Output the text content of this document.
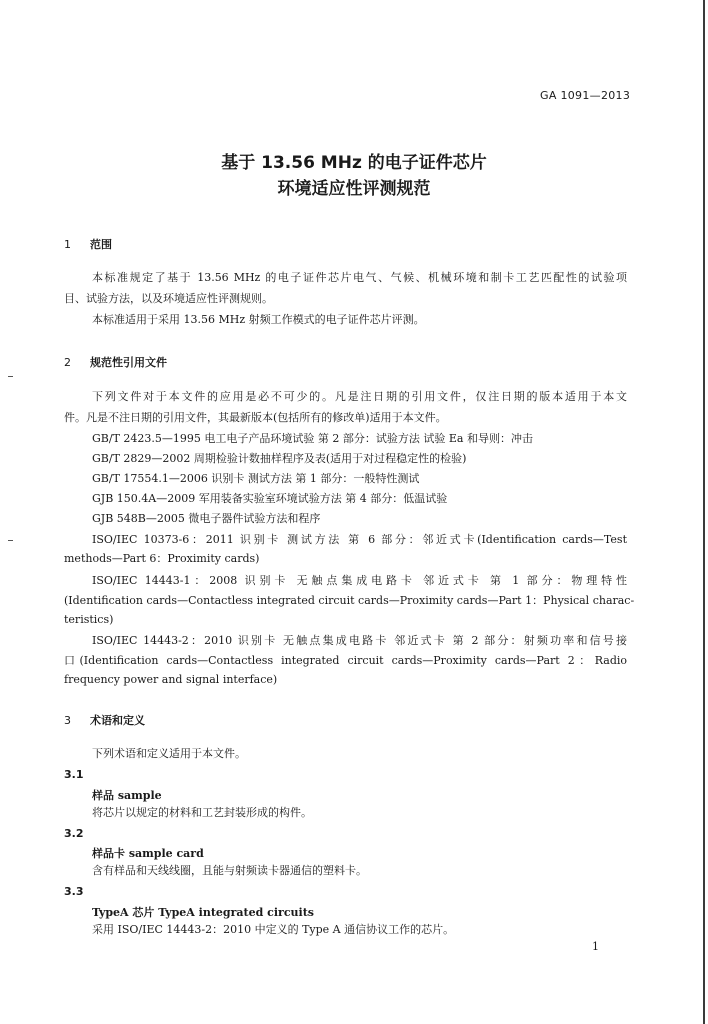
GA 1091—2013
基于 13.56 MHz 的电子证件芯片
环境适应性评测规范
1 范围
本标准规定了基于 13.56 MHz 的电子证件芯片电气、气候、机械环境和制卡工艺匹配性的试验项
目、试验方法，以及环境适应性评测规则。
本标准适用于采用 13.56 MHz 射频工作模式的电子证件芯片评测。
2 规范性引用文件
下列文件对于本文件的应用是必不可少的。凡是注日期的引用文件，仅注日期的版本适用于本文
件。凡是不注日期的引用文件，其最新版本(包括所有的修改单)适用于本文件。
GB/T 2423.5—1995 电工电子产品环境试验 第 2 部分：试验方法 试验 Ea 和导则：冲击
GB/T 2829—2002 周期检验计数抽样程序及表(适用于对过程稳定性的检验)
GB/T 17554.1—2006 识别卡 测试方法 第 1 部分：一般特性测试
GJB 150.4A—2009 军用装备实验室环境试验方法 第 4 部分：低温试验
GJB 548B—2005 微电子器件试验方法和程序
ISO/IEC 10373-6：2011 识别卡 测试方法 第 6 部分：邻近式卡(Identification cards—Test
methods—Part 6：Proximity cards)
ISO/IEC 14443-1：2008 识别卡 无触点集成电路卡 邻近式卡 第 1 部分：物理特性
(Identification cards—Contactless integrated circuit cards—Proximity cards—Part 1：Physical charac-
teristics)
ISO/IEC 14443-2：2010 识别卡 无触点集成电路卡 邻近式卡 第 2 部分：射频功率和信号接
口(Identification cards—Contactless integrated circuit cards—Proximity cards—Part 2：Radio
frequency power and signal interface)
3 术语和定义
下列术语和定义适用于本文件。
3.1
样品 sample
将芯片以规定的材料和工艺封装形成的构件。
3.2
样品卡 sample card
含有样品和天线线圈，且能与射频读卡器通信的塑料卡。
3.3
TypeA 芯片 TypeA integrated circuits
采用 ISO/IEC 14443-2：2010 中定义的 Type A 通信协议工作的芯片。
1
